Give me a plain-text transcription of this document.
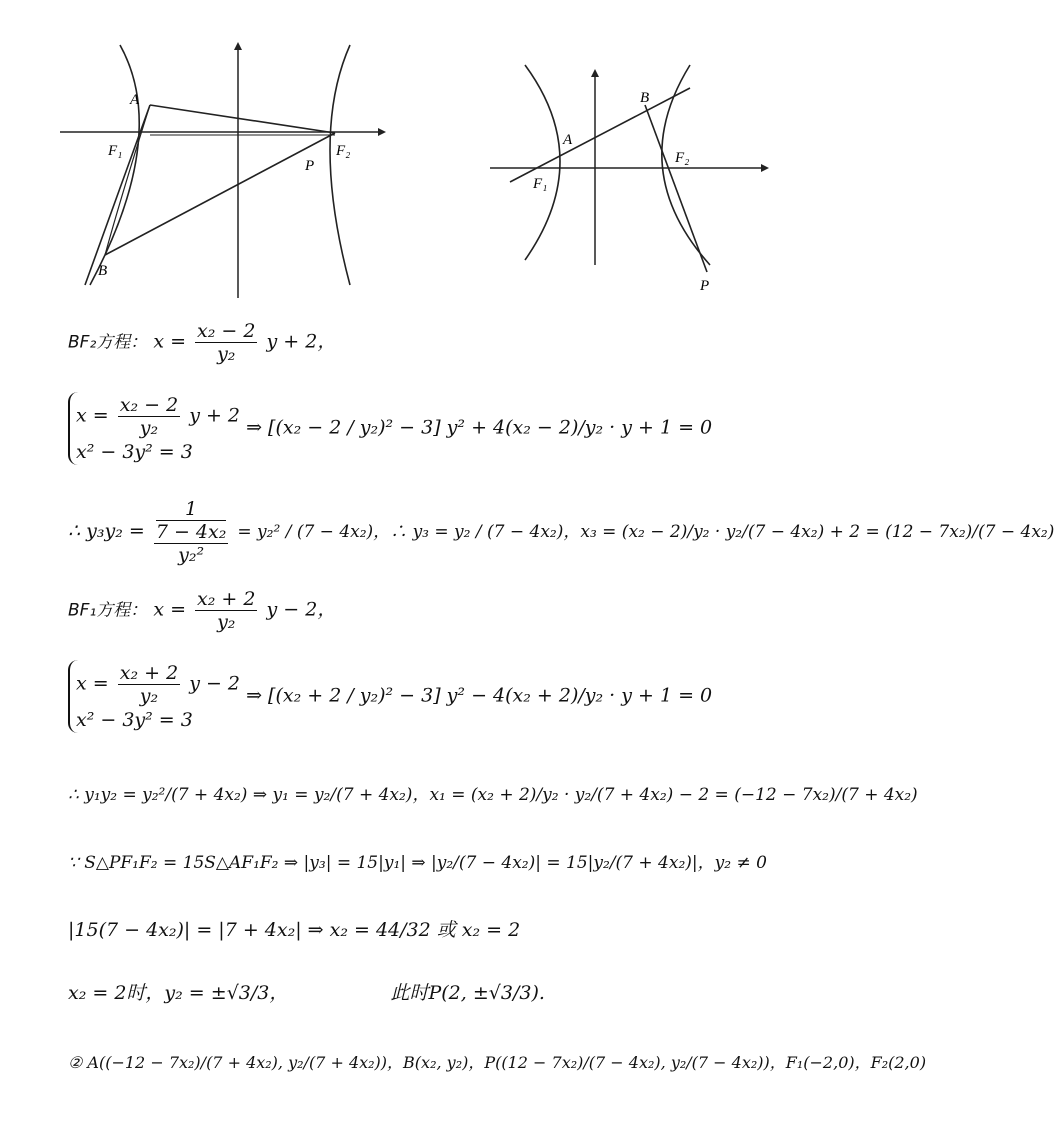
A
F₁	F₂
P
B
A
B
F₁
F₂
P
BF₂方程： $x = \frac{\text{x₂ − 2}}{\text{y₂}}$ y + 2，
$x = \frac{\text{x₂ − 2}}{\text{y₂}}$ y + 2
x² − 3y² = 3
⇒ [(x₂ − 2 / y₂)² − 3] y² + 4(x₂ − 2)/y₂ · y + 1 = 0
∴ y₃y₂ = 1
7 − 4x₂
y₂² = y₂² / (7 − 4x₂)，∴ y₃ = y₂ / (7 − 4x₂)，x₃ = (x₂ − 2)/y₂ · y₂/(7 − 4x₂) + 2 = (12 − 7x₂)/(7 − 4x₂)
BF₁方程： $x = \frac{\text{x₂ + 2}}{\text{y₂}}$ y − 2，
$x = \frac{\text{x₂ + 2}}{\text{y₂}}$ y − 2
x² − 3y² = 3
⇒ [(x₂ + 2 / y₂)² − 3] y² − 4(x₂ + 2)/y₂ · y + 1 = 0
∴ y₁y₂ = y₂²/(7 + 4x₂) ⇒ y₁ = y₂/(7 + 4x₂)，x₁ = (x₂ + 2)/y₂ · y₂/(7 + 4x₂) − 2 = (−12 − 7x₂)/(7 + 4x₂)
∵ S△PF₁F₂ = 15S△AF₁F₂ ⇒ |y₃| = 15|y₁| ⇒ |y₂/(7 − 4x₂)| = 15|y₂/(7 + 4x₂)|，y₂ ≠ 0
|15(7 − 4x₂)| = |7 + 4x₂| ⇒ x₂ = 44/32 或 x₂ = 2
x₂ = 2时，y₂ = ±√3/3，	此时P(2, ±√3/3).
② A((−12 − 7x₂)/(7 + 4x₂), y₂/(7 + 4x₂))，B(x₂, y₂)，P((12 − 7x₂)/(7 − 4x₂), y₂/(7 − 4x₂))，F₁(−2,0)，F₂(2,0)
